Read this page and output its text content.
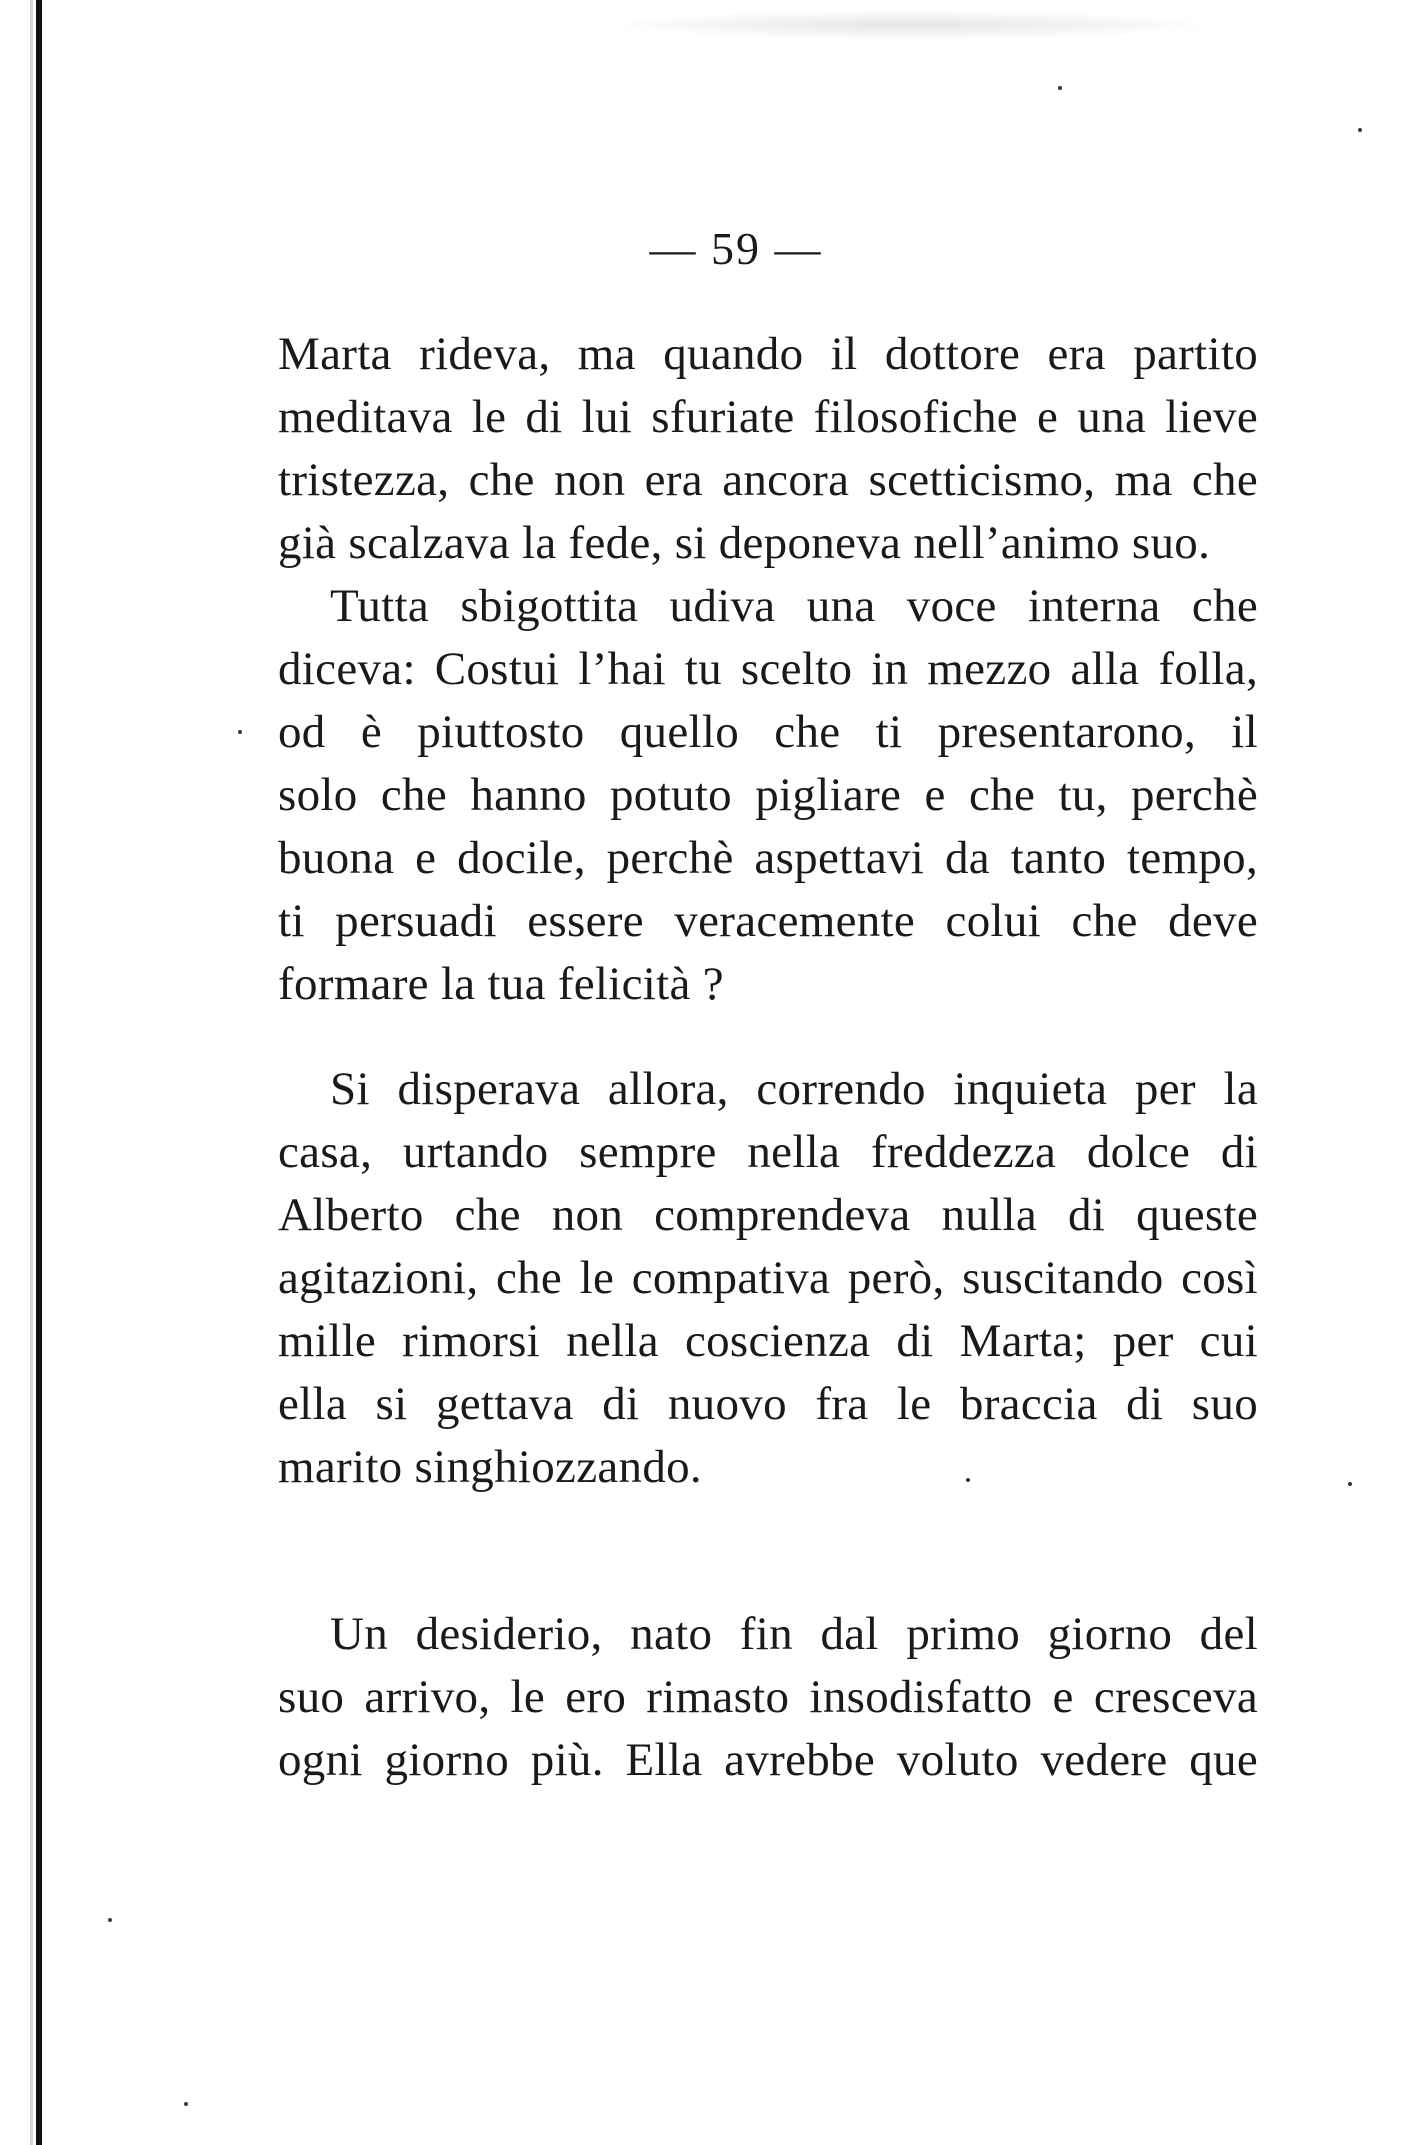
— 59 —
Marta rideva, ma quando il dottore era partito
meditava le di lui sfuriate filosofiche e una lieve
tristezza, che non era ancora scetticismo, ma che
già scalzava la fede, si deponeva nell’animo suo.
Tutta sbigottita udiva una voce interna che
diceva: Costui l’hai tu scelto in mezzo alla folla,
od è piuttosto quello che ti presentarono, il
solo che hanno potuto pigliare e che tu, perchè
buona e docile, perchè aspettavi da tanto tempo,
ti persuadi essere veracemente colui che deve
formare la tua felicità ?
Si disperava allora, correndo inquieta per la
casa, urtando sempre nella freddezza dolce di
Alberto che non comprendeva nulla di queste
agitazioni, che le compativa però, suscitando così
mille rimorsi nella coscienza di Marta; per cui
ella si gettava di nuovo fra le braccia di suo
marito singhiozzando.
Un desiderio, nato fin dal primo giorno del
suo arrivo, le ero rimasto insodisfatto e cresceva
ogni giorno più. Ella avrebbe voluto vedere que
